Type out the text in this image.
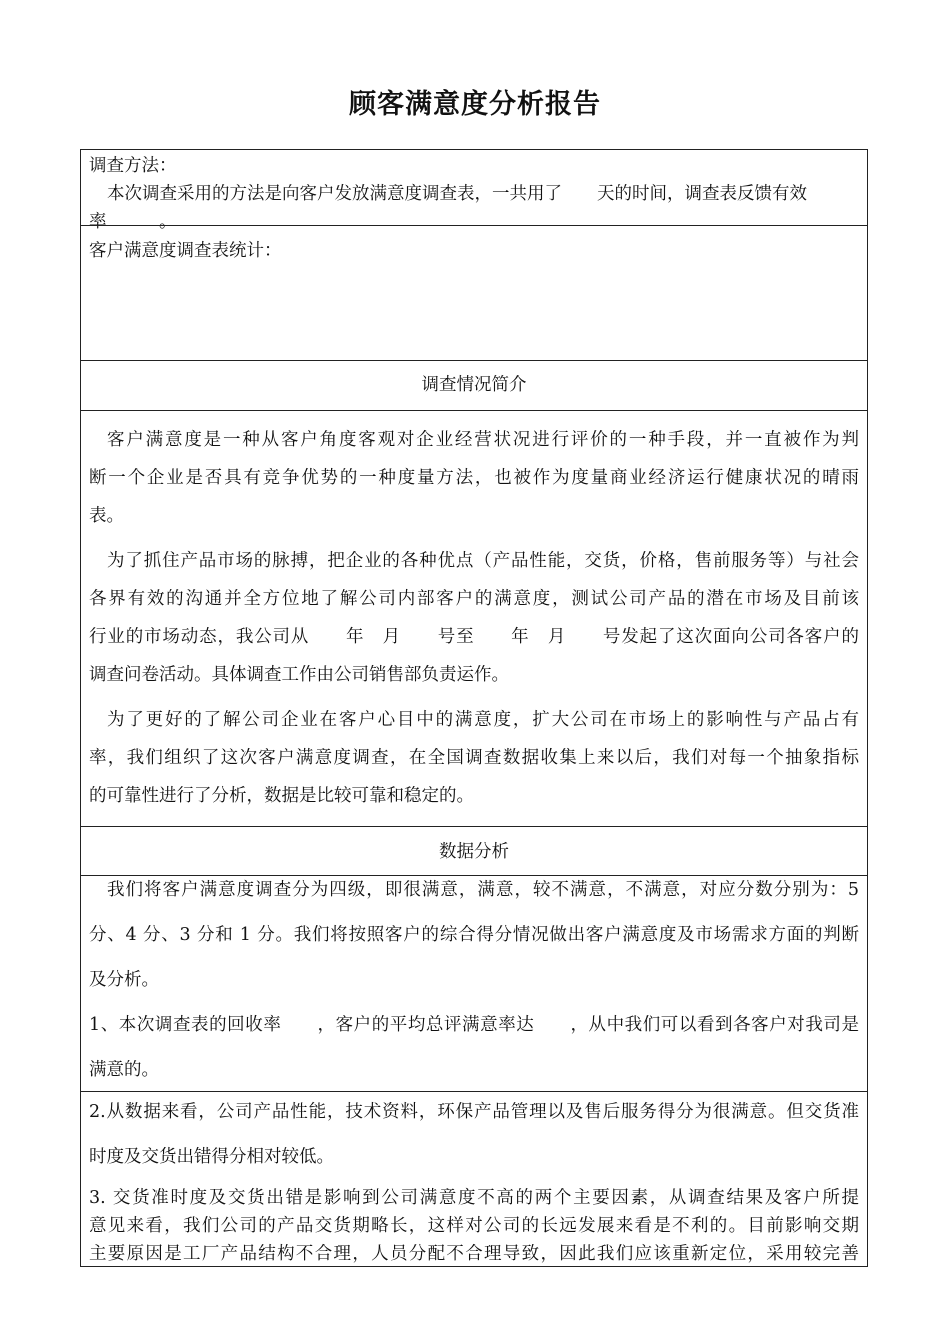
顾客满意度分析报告

调查方法：

本次调查采用的方法是向客户发放满意度调查表，一共用了　　天的时间，调查表反馈有效

率　　　。

客户满意度调查表统计：

调查情况简介

客户满意度是一种从客户角度客观对企业经营状况进行评价的一种手段，并一直被作为判

断一个企业是否具有竞争优势的一种度量方法，也被作为度量商业经济运行健康状况的晴雨

表。

为了抓住产品市场的脉搏，把企业的各种优点（产品性能，交货，价格，售前服务等）与社会

各界有效的沟通并全方位地了解公司内部客户的满意度，测试公司产品的潜在市场及目前该

行业的市场动态，我公司从　　年　月　　号至　　年　月　　号发起了这次面向公司各客户的

调查问卷活动。具体调查工作由公司销售部负责运作。

为了更好的了解公司企业在客户心目中的满意度，扩大公司在市场上的影响性与产品占有

率，我们组织了这次客户满意度调查，在全国调查数据收集上来以后，我们对每一个抽象指标

的可靠性进行了分析，数据是比较可靠和稳定的。

数据分析

我们将客户满意度调查分为四级，即很满意，满意，较不满意，不满意，对应分数分别为：5

分、4 分、3 分和 1 分。我们将按照客户的综合得分情况做出客户满意度及市场需求方面的判断

及分析。

1、本次调查表的回收率　　，客户的平均总评满意率达　　，从中我们可以看到各客户对我司是

满意的。

2.从数据来看，公司产品性能，技术资料，环保产品管理以及售后服务得分为很满意。但交货准

时度及交货出错得分相对较低。

3. 交货准时度及交货出错是影响到公司满意度不高的两个主要因素，从调查结果及客户所提

意见来看，我们公司的产品交货期略长，这样对公司的长远发展来看是不利的。目前影响交期

主要原因是工厂产品结构不合理，人员分配不合理导致，因此我们应该重新定位，采用较完善
